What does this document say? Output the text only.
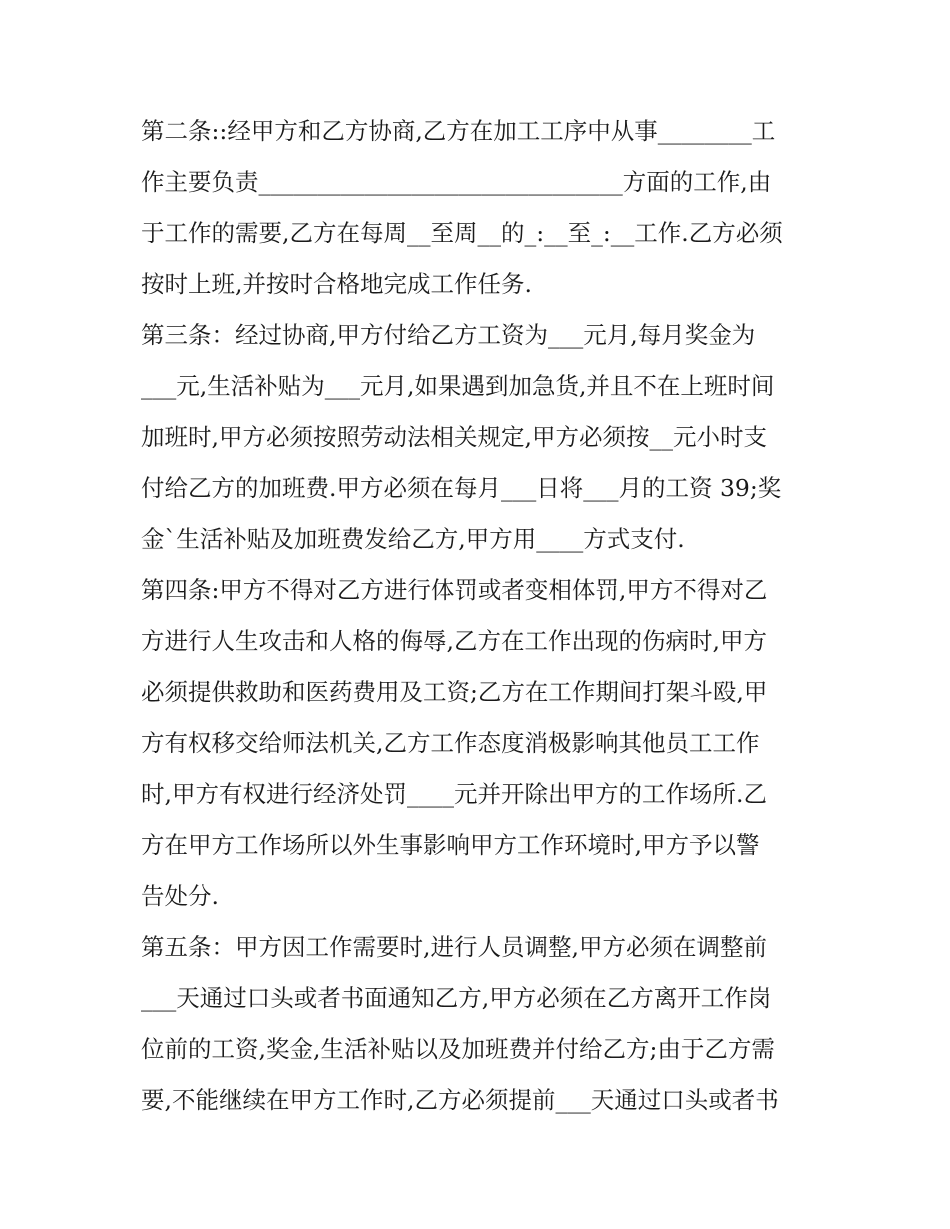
第二条::经甲方和乙方协商,乙方在加工工序中从事________工
作主要负责_______________________________方面的工作,由
于工作的需要,乙方在每周__至周__的_:__至_:__工作.乙方必须
按时上班,并按时合格地完成工作任务.
第三条：经过协商,甲方付给乙方工资为___元月,每月奖金为
___元,生活补贴为___元月,如果遇到加急货,并且不在上班时间
加班时,甲方必须按照劳动法相关规定,甲方必须按__元小时支
付给乙方的加班费.甲方必须在每月___日将___月的工资 39;奖
金`生活补贴及加班费发给乙方,甲方用____方式支付.
第四条:甲方不得对乙方进行体罚或者变相体罚,甲方不得对乙
方进行人生攻击和人格的侮辱,乙方在工作出现的伤病时,甲方
必须提供救助和医药费用及工资;乙方在工作期间打架斗殴,甲
方有权移交给师法机关,乙方工作态度消极影响其他员工工作
时,甲方有权进行经济处罚____元并开除出甲方的工作场所.乙
方在甲方工作场所以外生事影响甲方工作环境时,甲方予以警
告处分.
第五条：甲方因工作需要时,进行人员调整,甲方必须在调整前
___天通过口头或者书面通知乙方,甲方必须在乙方离开工作岗
位前的工资,奖金,生活补贴以及加班费并付给乙方;由于乙方需
要,不能继续在甲方工作时,乙方必须提前___天通过口头或者书
